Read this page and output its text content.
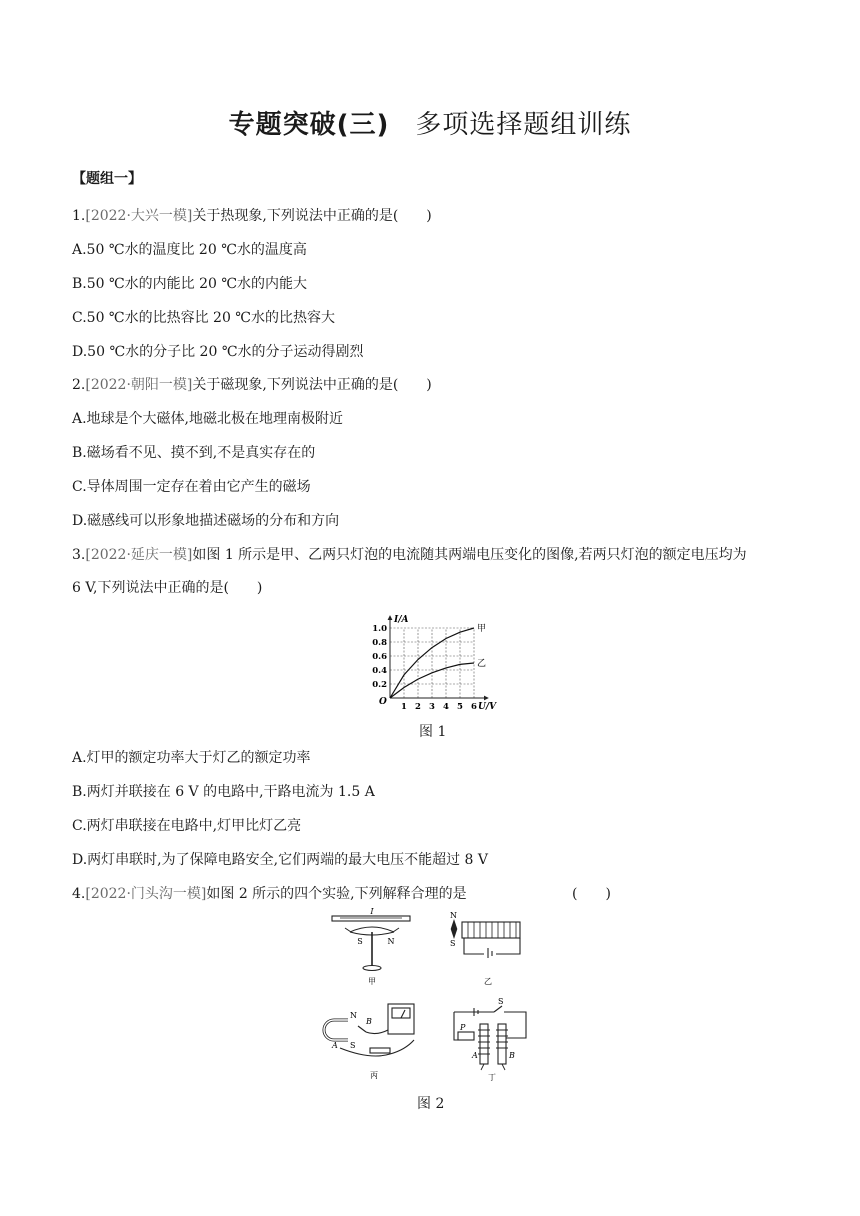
专题突破(三) 多项选择题组训练
【题组一】
1.[2022·大兴一模]关于热现象,下列说法中正确的是(　　)
A.50 ℃水的温度比 20 ℃水的温度高
B.50 ℃水的内能比 20 ℃水的内能大
C.50 ℃水的比热容比 20 ℃水的比热容大
D.50 ℃水的分子比 20 ℃水的分子运动得剧烈
2.[2022·朝阳一模]关于磁现象,下列说法中正确的是(　　)
A.地球是个大磁体,地磁北极在地理南极附近
B.磁场看不见、摸不到,不是真实存在的
C.导体周围一定存在着由它产生的磁场
D.磁感线可以形象地描述磁场的分布和方向
3.[2022·延庆一模]如图 1 所示是甲、乙两只灯泡的电流随其两端电压变化的图像,若两只灯泡的额定电压均为
6 V,下列说法中正确的是(　　)
甲
乙
1 2 3 4 5 6
0.2
0.4
0.6
0.8
1.0
I/A
U/V
O
图 1
A.灯甲的额定功率大于灯乙的额定功率
B.两灯并联接在 6 V 的电路中,干路电流为 1.5 A
C.两灯串联接在电路中,灯甲比灯乙亮
D.两灯串联时,为了保障电路安全,它们两端的最大电压不能超过 8 V
4.[2022·门头沟一模]如图 2 所示的四个实验,下列解释合理的是	(　　)
I
S	N
甲
N
S
乙
N
S
A
B
丙
S
P
A	B
丁
图 2
